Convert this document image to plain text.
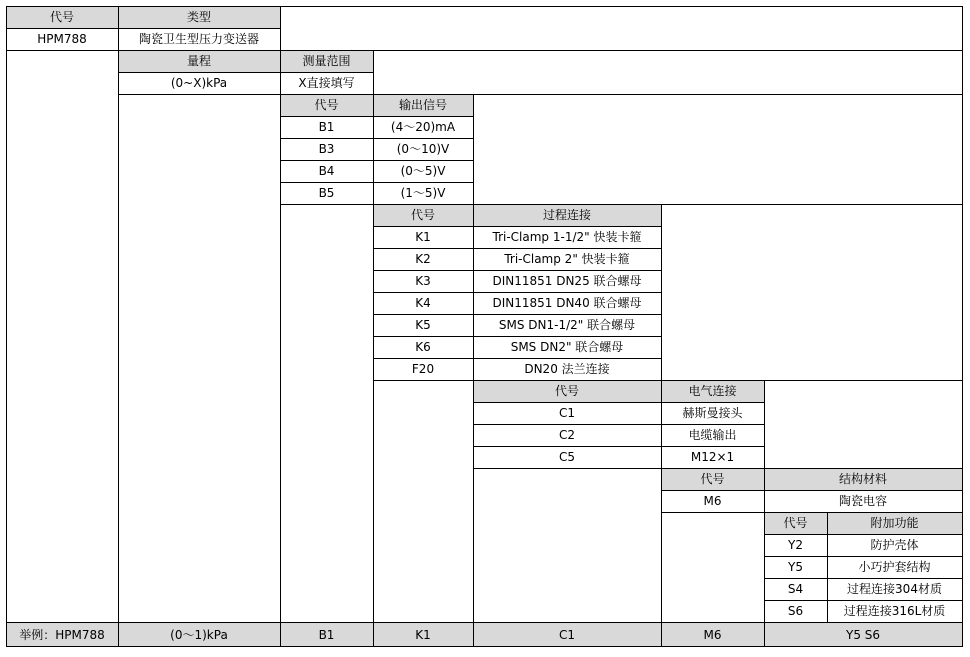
代号	类型
HPM788	陶瓷卫生型压力变送器
量程	测量范围
(0~X)kPa	X直接填写
代号	输出信号
B1	(4～20)mA
B3	(0～10)V
B4	(0～5)V
B5	(1～5)V
代号	过程连接
K1	Tri-Clamp 1-1/2" 快装卡箍
K2	Tri-Clamp 2" 快装卡箍
K3	DIN11851 DN25 联合螺母
K4	DIN11851 DN40 联合螺母
K5	SMS DN1-1/2" 联合螺母
K6	SMS DN2" 联合螺母
F20	DN20 法兰连接
代号	电气连接
C1	赫斯曼接头
C2	电缆输出
C5	M12×1
代号	结构材料
M6	陶瓷电容
代号	附加功能
Y2	防护壳体
Y5	小巧护套结构
S4	过程连接304材质
S6	过程连接316L材质
举例：HPM788	(0～1)kPa	B1	K1	C1	M6	Y5 S6
